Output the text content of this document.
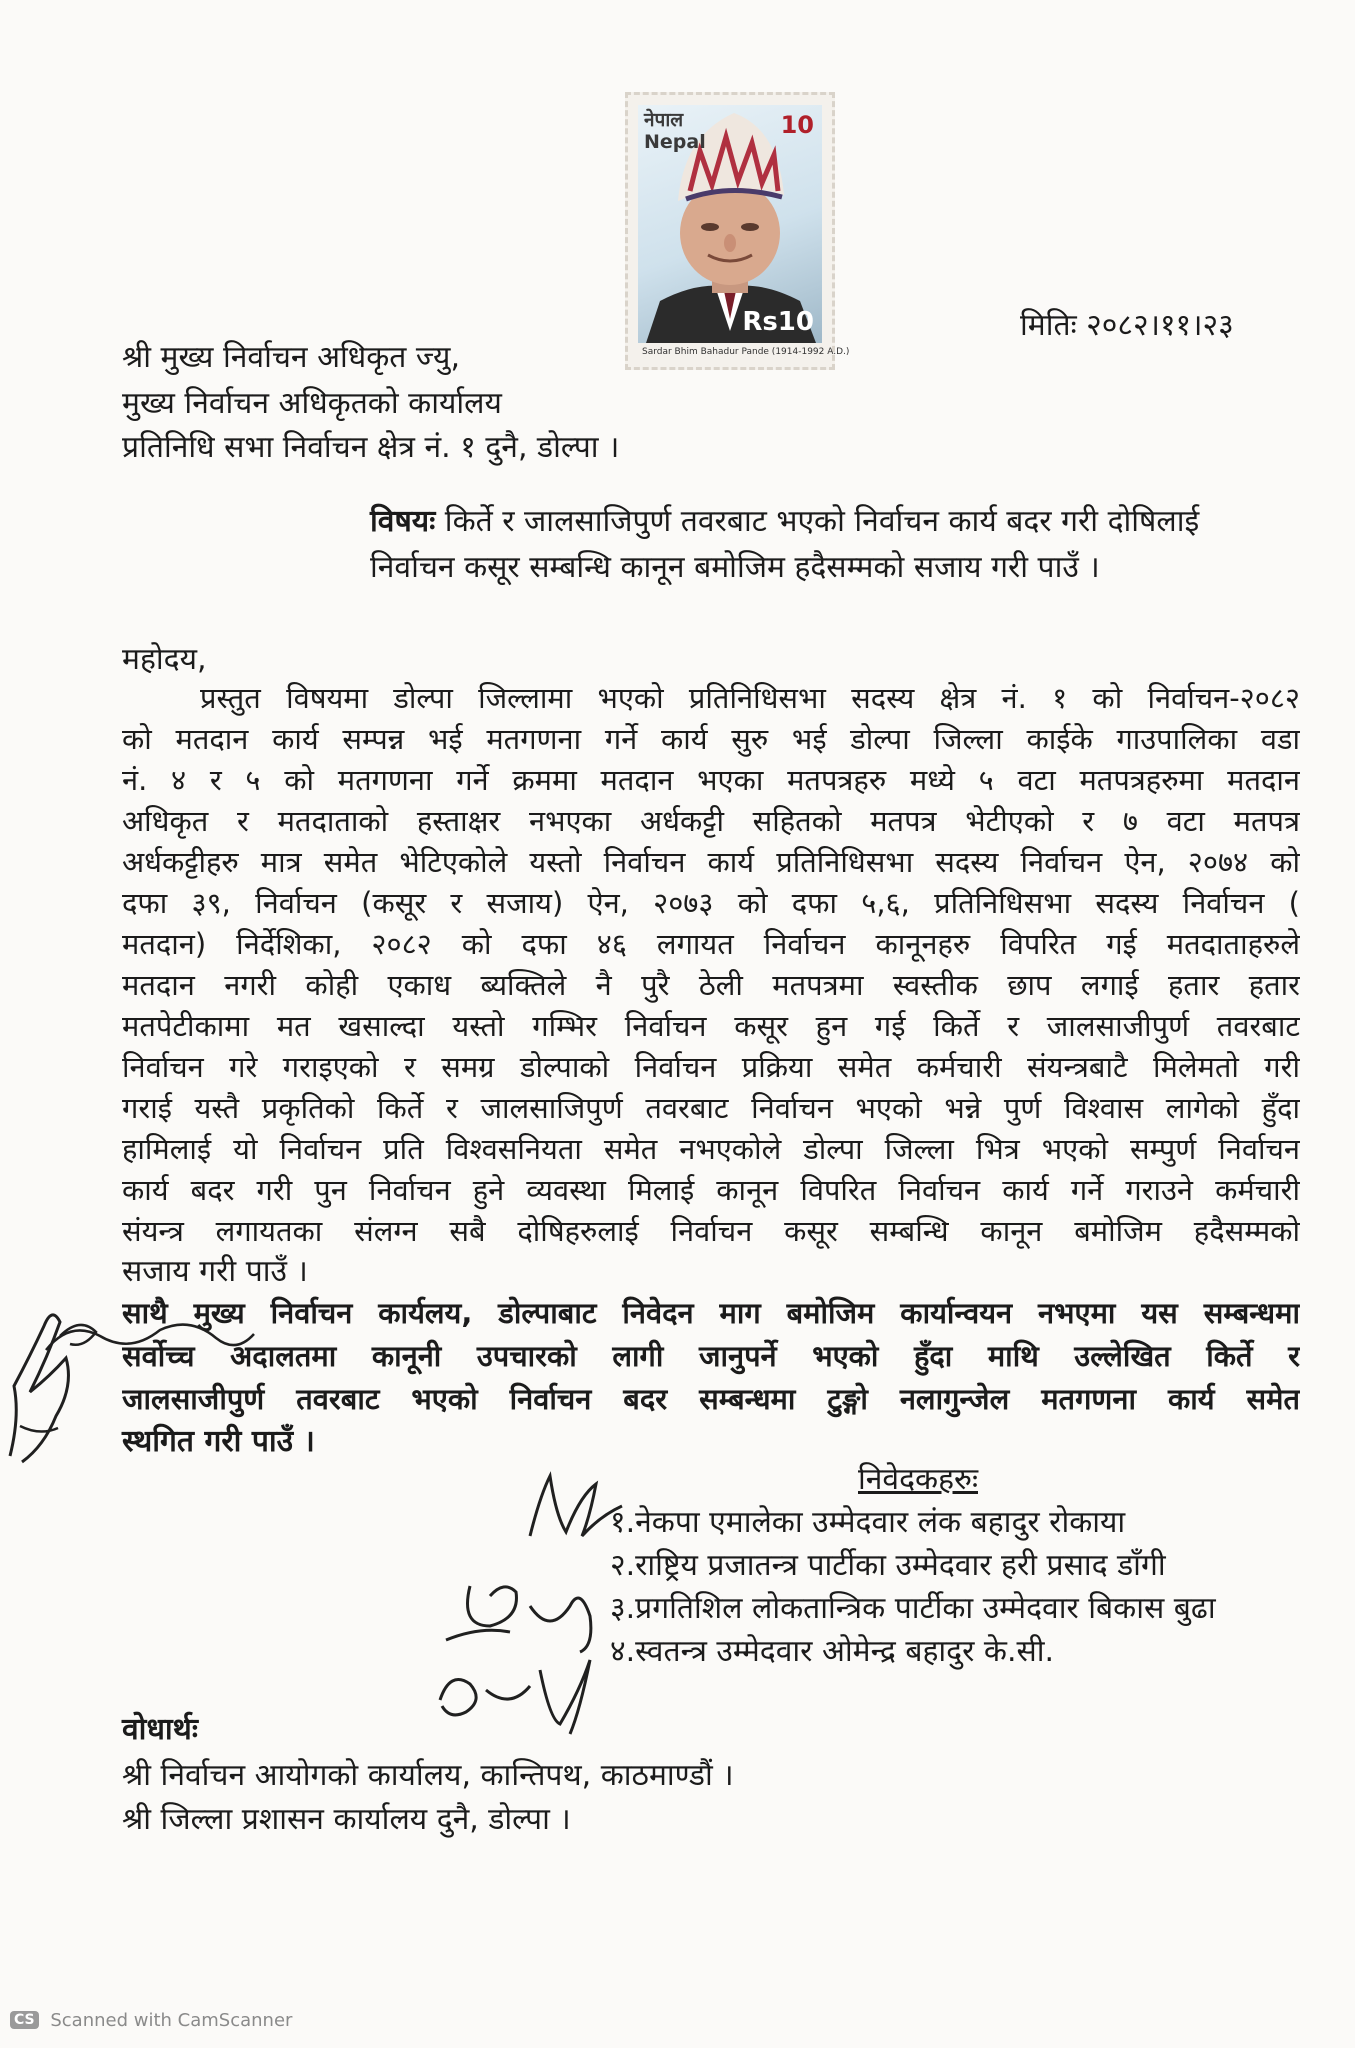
नेपाल
Nepal
10
Rs10
Sardar Bhim Bahadur Pande (1914-1992 A.D.)
मितिः २०८२।११।२३
श्री मुख्य निर्वाचन अधिकृत ज्यु,
मुख्य निर्वाचन अधिकृतको कार्यालय
प्रतिनिधि सभा निर्वाचन क्षेत्र नं. १ दुनै, डोल्पा ।
विषयः किर्ते र जालसाजिपुर्ण तवरबाट भएको निर्वाचन कार्य बदर गरी दोषिलाई
निर्वाचन कसूर सम्बन्धि कानून बमोजिम हदैसम्मको सजाय गरी पाउँ ।
महोदय,
प्रस्तुत विषयमा डोल्पा जिल्लामा भएको प्रतिनिधिसभा सदस्य क्षेत्र नं. १ को निर्वाचन-२०८२
को मतदान कार्य सम्पन्न भई मतगणना गर्ने कार्य सुरु भई डोल्पा जिल्ला काईके गाउपालिका वडा
नं. ४ र ५ को मतगणना गर्ने क्रममा मतदान भएका मतपत्रहरु मध्ये ५ वटा मतपत्रहरुमा मतदान
अधिकृत र मतदाताको हस्ताक्षर नभएका अर्धकट्टी सहितको मतपत्र भेटीएको र ७ वटा मतपत्र
अर्धकट्टीहरु मात्र समेत भेटिएकोले यस्तो निर्वाचन कार्य प्रतिनिधिसभा सदस्य निर्वाचन ऐन, २०७४ को
दफा ३९, निर्वाचन (कसूर र सजाय) ऐन, २०७३ को दफा ५,६, प्रतिनिधिसभा सदस्य निर्वाचन (
मतदान) निर्देशिका, २०८२ को दफा ४६ लगायत निर्वाचन कानूनहरु विपरित गई मतदाताहरुले
मतदान नगरी कोही एकाध ब्यक्तिले नै पुरै ठेली मतपत्रमा स्वस्तीक छाप लगाई हतार हतार
मतपेटीकामा मत खसाल्दा यस्तो गम्भिर निर्वाचन कसूर हुन गई किर्ते र जालसाजीपुर्ण तवरबाट
निर्वाचन गरे गराइएको र समग्र डोल्पाको निर्वाचन प्रक्रिया समेत कर्मचारी संयन्त्रबाटै मिलेमतो गरी
गराई यस्तै प्रकृतिको किर्ते र जालसाजिपुर्ण तवरबाट निर्वाचन भएको भन्ने पुर्ण विश्वास लागेको हुँदा
हामिलाई यो निर्वाचन प्रति विश्वसनियता समेत नभएकोले डोल्पा जिल्ला भित्र भएको सम्पुर्ण निर्वाचन
कार्य बदर गरी पुन निर्वाचन हुने व्यवस्था मिलाई कानून विपरित निर्वाचन कार्य गर्ने गराउने कर्मचारी
संयन्त्र लगायतका संलग्न सबै दोषिहरुलाई निर्वाचन कसूर सम्बन्धि कानून बमोजिम हदैसम्मको
सजाय गरी पाउँ ।
साथै मुख्य निर्वाचन कार्यलय, डोल्पाबाट निवेदन माग बमोजिम कार्यान्वयन नभएमा यस सम्बन्धमा
सर्वोच्च अदालतमा कानूनी उपचारको लागी जानुपर्ने भएको हुँदा माथि उल्लेखित किर्ते र
जालसाजीपुर्ण तवरबाट भएको निर्वाचन बदर सम्बन्धमा टुङ्गो नलागुन्जेल मतगणना कार्य समेत
स्थगित गरी पाउँ ।
निवेदकहरुः
१.नेकपा एमालेका उम्मेदवार लंक बहादुर रोकाया
२.राष्ट्रिय प्रजातन्त्र पार्टीका उम्मेदवार हरी प्रसाद डाँगी
३.प्रगतिशिल लोकतान्त्रिक पार्टीका उम्मेदवार बिकास बुढा
४.स्वतन्त्र उम्मेदवार ओमेन्द्र बहादुर के.सी.
वोधार्थः
श्री निर्वाचन आयोगको कार्यालय, कान्तिपथ, काठमाण्डौं ।
श्री जिल्ला प्रशासन कार्यालय दुनै, डोल्पा ।
CS Scanned with CamScanner
